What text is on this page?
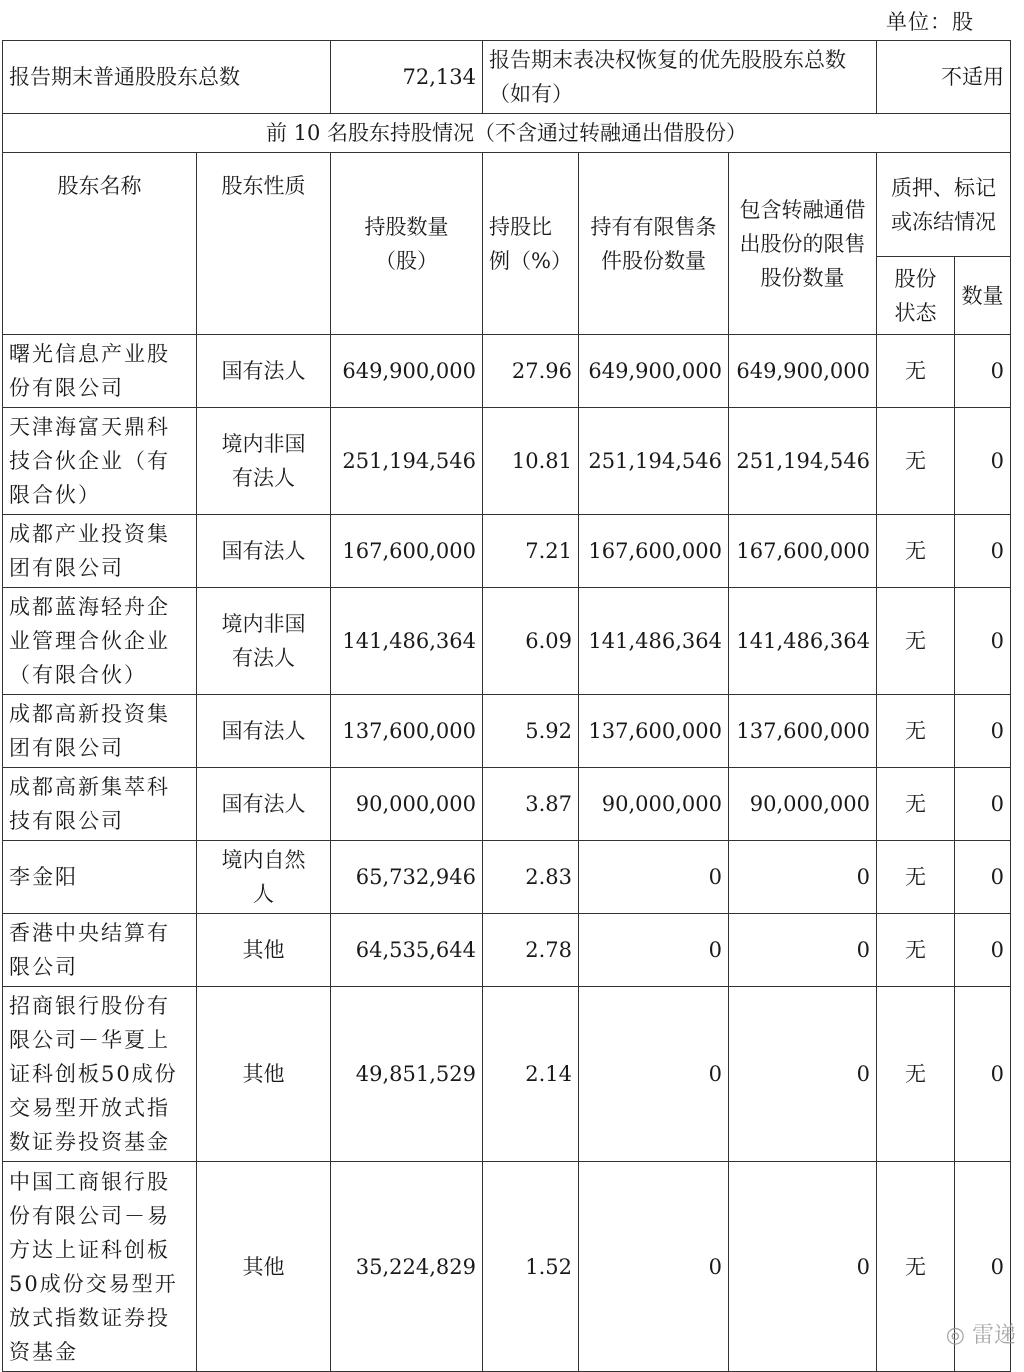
单位：股
报告期末普通股股东总数		72,134	报告期末表决权恢复的优先股股东总数（如有）			不适用	
前 10 名股东持股情况（不含通过转融通出借股份）							
股东名称	股东性质	持股数量（股）	持股比例（%）	持有有限售条件股份数量	包含转融通借出股份的限售股份数量	质押、标记或冻结情况	
						股份状态	数量
曙光信息产业股份有限公司	国有法人	649,900,000	27.96	649,900,000	649,900,000	无	0
天津海富天鼎科技合伙企业（有限合伙）	境内非国有法人	251,194,546	10.81	251,194,546	251,194,546	无	0
成都产业投资集团有限公司	国有法人	167,600,000	7.21	167,600,000	167,600,000	无	0
成都蓝海轻舟企业管理合伙企业（有限合伙）	境内非国有法人	141,486,364	6.09	141,486,364	141,486,364	无	0
成都高新投资集团有限公司	国有法人	137,600,000	5.92	137,600,000	137,600,000	无	0
成都高新集萃科技有限公司	国有法人	90,000,000	3.87	90,000,000	90,000,000	无	0
李金阳	境内自然人	65,732,946	2.83	0	0	无	0
香港中央结算有限公司	其他	64,535,644	2.78	0	0	无	0
招商银行股份有限公司－华夏上证科创板50成份交易型开放式指数证券投资基金	其他	49,851,529	2.14	0	0	无	0
中国工商银行股份有限公司－易方达上证科创板50成份交易型开放式指数证券投资基金	其他	35,224,829	1.52	0	0	无	0
◎ 雷递
